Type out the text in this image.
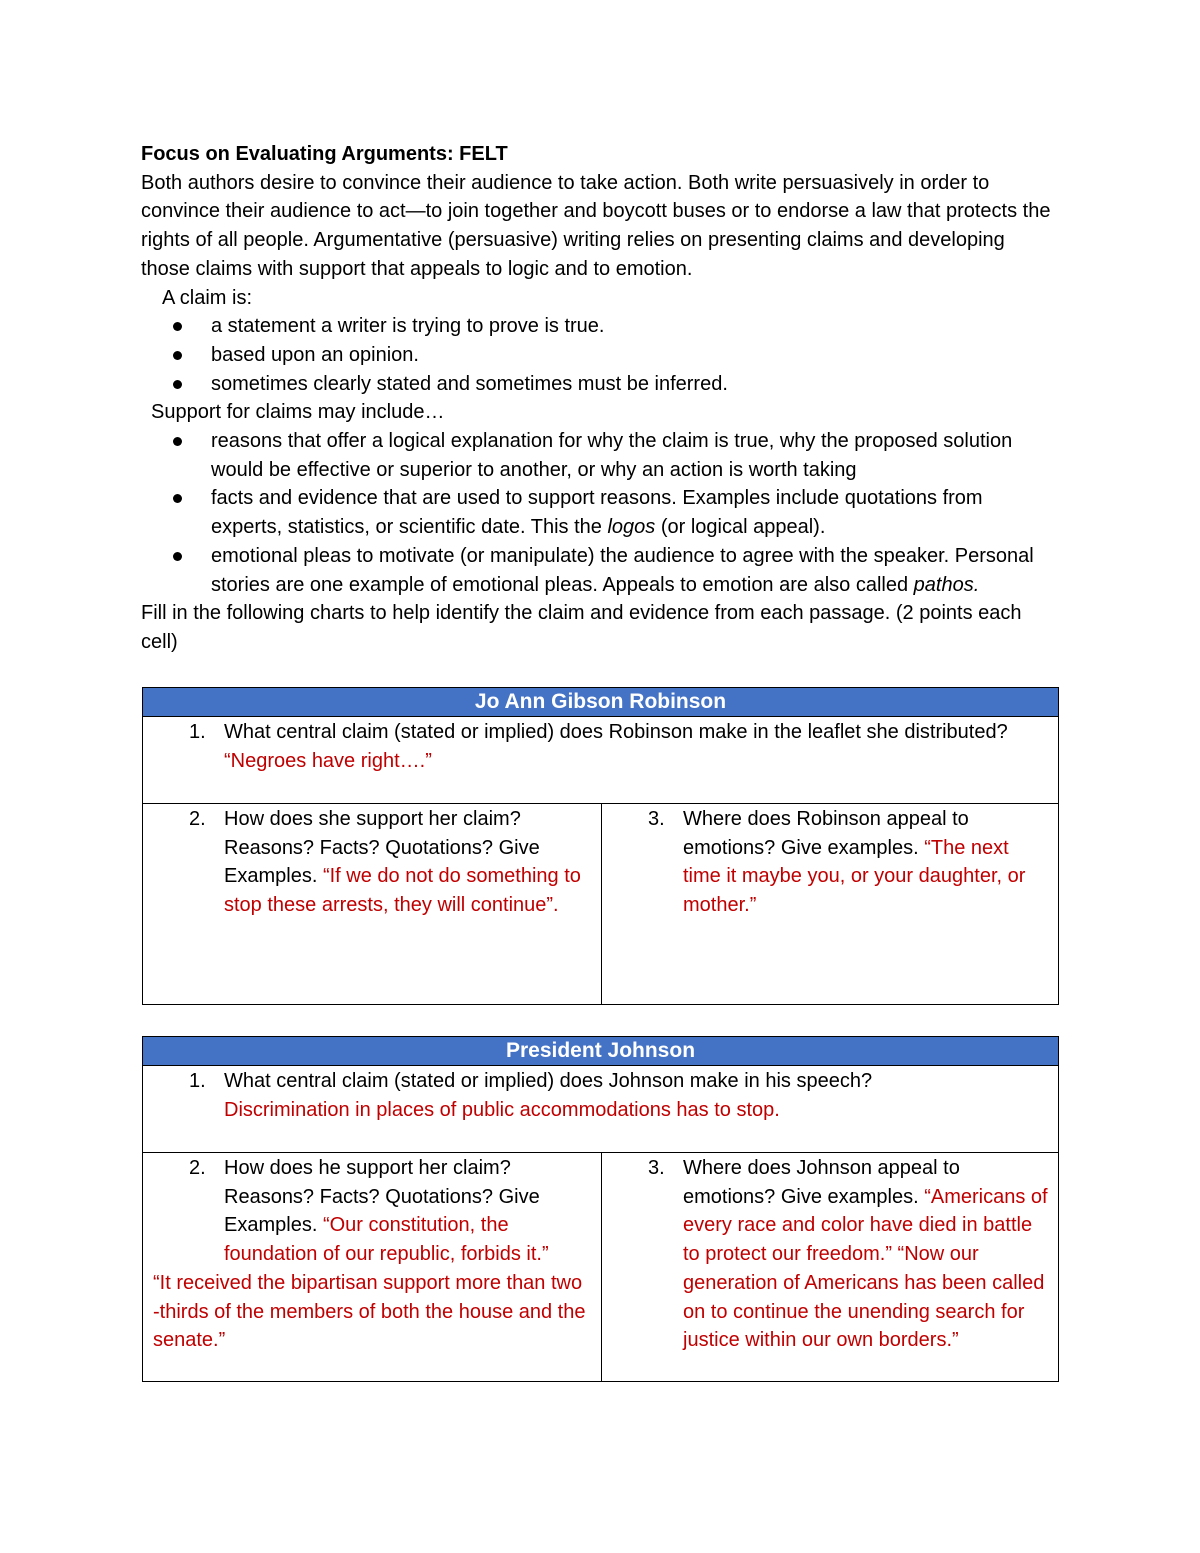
Focus on Evaluating Arguments: FELT

Both authors desire to convince their audience to take action. Both write persuasively in order to convince their audience to act—to join together and boycott buses or to endorse a law that protects the rights of all people. Argumentative (persuasive) writing relies on presenting claims and developing those claims with support that appeals to logic and to emotion.

A claim is:

a statement a writer is trying to prove is true.
based upon an opinion.
sometimes clearly stated and sometimes must be inferred.

Support for claims may include…

reasons that offer a logical explanation for why the claim is true, why the proposed solution would be effective or superior to another, or why an action is worth taking
facts and evidence that are used to support reasons. Examples include quotations from experts, statistics, or scientific date. This the logos (or logical appeal).
emotional pleas to motivate (or manipulate) the audience to agree with the speaker. Personal stories are one example of emotional pleas. Appeals to emotion are also called pathos.

Fill in the following charts to help identify the claim and evidence from each passage. (2 points each cell)

Jo Ann Gibson Robinson

1. What central claim (stated or implied) does Robinson make in the leaflet she distributed? “Negroes have right….”

2. How does she support her claim? Reasons? Facts? Quotations? Give Examples. “If we do not do something to stop these arrests, they will continue”.

3. Where does Robinson appeal to emotions? Give examples. “The next time it maybe you, or your daughter, or mother.”
President Johnson

1. What central claim (stated or implied) does Johnson make in his speech?
Discrimination in places of public accommodations has to stop.

2. How does he support her claim? Reasons? Facts? Quotations? Give Examples. “Our constitution, the foundation of our republic, forbids it.”
“It received the bipartisan support more than two -thirds of the members of both the house and the senate.”

3. Where does Johnson appeal to emotions? Give examples. “Americans of every race and color have died in battle to protect our freedom.” “Now our generation of Americans has been called on to continue the unending search for justice within our own borders.”
